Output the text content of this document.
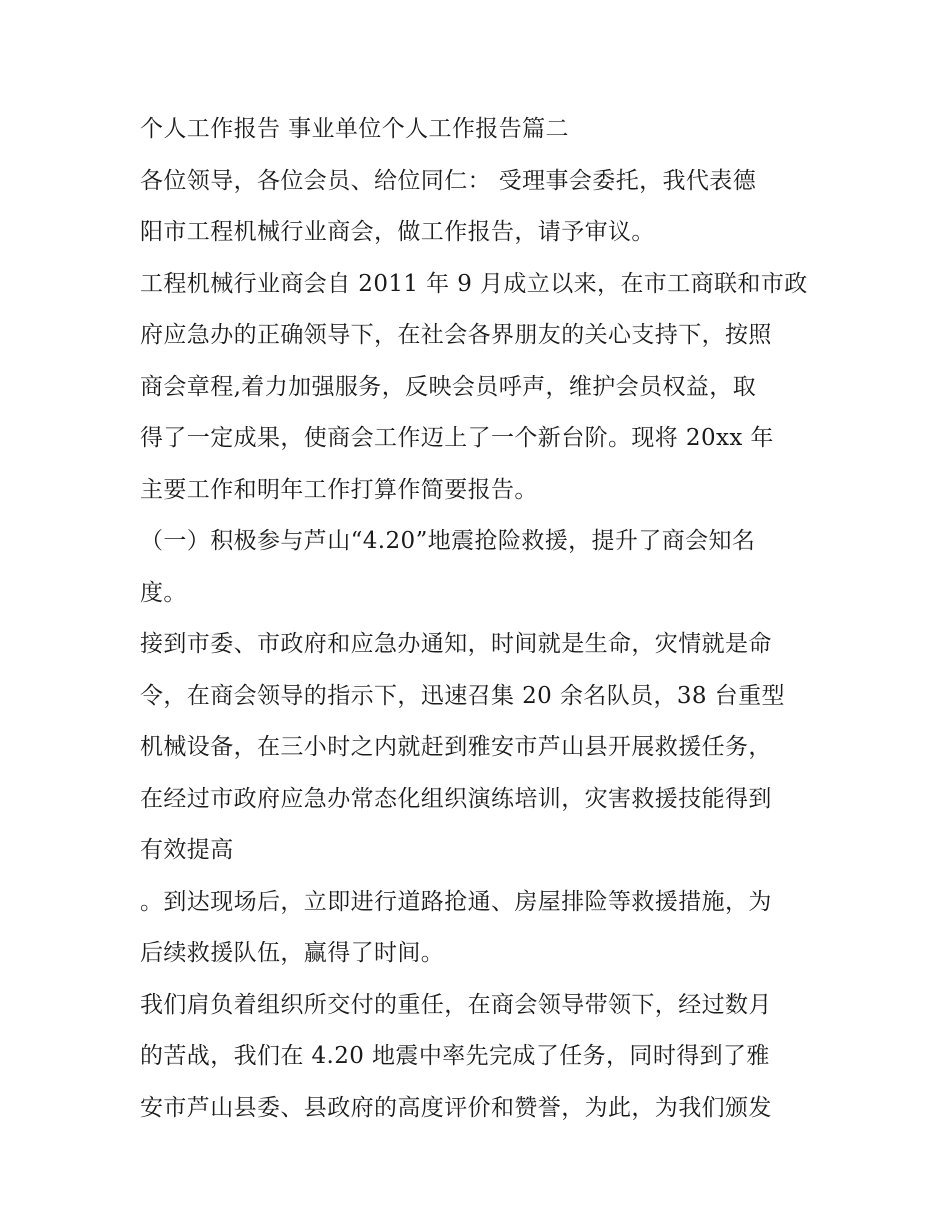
个人工作报告 事业单位个人工作报告篇二
各位领导，各位会员、给位同仁： 受理事会委托，我代表德
阳市工程机械行业商会，做工作报告，请予审议。
工程机械行业商会自 2011 年 9 月成立以来，在市工商联和市政
府应急办的正确领导下，在社会各界朋友的关心支持下，按照
商会章程,着力加强服务，反映会员呼声，维护会员权益，取
得了一定成果，使商会工作迈上了一个新台阶。现将 20xx 年
主要工作和明年工作打算作简要报告。
（一）积极参与芦山“4.20”地震抢险救援，提升了商会知名
度。
接到市委、市政府和应急办通知，时间就是生命，灾情就是命
令，在商会领导的指示下，迅速召集 20 余名队员，38 台重型
机械设备，在三小时之内就赶到雅安市芦山县开展救援任务，
在经过市政府应急办常态化组织演练培训，灾害救援技能得到
有效提高
。到达现场后，立即进行道路抢通、房屋排险等救援措施，为
后续救援队伍，赢得了时间。
我们肩负着组织所交付的重任，在商会领导带领下，经过数月
的苦战，我们在 4.20 地震中率先完成了任务，同时得到了雅
安市芦山县委、县政府的高度评价和赞誉，为此，为我们颁发
